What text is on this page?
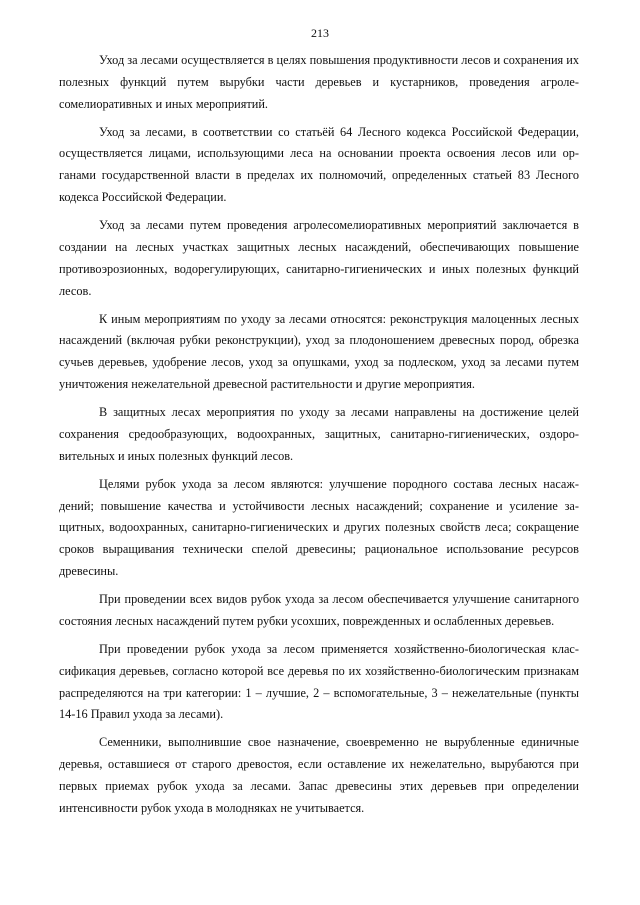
213

Уход за лесами осуществляется в целях повышения продуктивности лесов и сохранения их полезных функций путем вырубки части деревьев и кустарников, проведения агролесомелиоративных и иных мероприятий.

Уход за лесами, в соответствии со статьёй 64 Лесного кодекса Российской Федерации, осуществляется лицами, использующими леса на основании проекта освоения лесов или органами государственной власти в пределах их полномочий, определенных статьей 83 Лесного кодекса Российской Федерации.

Уход за лесами путем проведения агролесомелиоративных мероприятий заключается в создании на лесных участках защитных лесных насаждений, обеспечивающих повышение противоэрозионных, водорегулирующих, санитарно-гигиенических и иных полезных функций лесов.

К иным мероприятиям по уходу за лесами относятся: реконструкция малоценных лесных насаждений (включая рубки реконструкции), уход за плодоношением древесных пород, обрезка сучьев деревьев, удобрение лесов, уход за опушками, уход за подлеском, уход за лесами путем уничтожения нежелательной древесной растительности и другие мероприятия.

В защитных лесах мероприятия по уходу за лесами направлены на достижение целей сохранения средообразующих, водоохранных, защитных, санитарно-гигиенических, оздоровительных и иных полезных функций лесов.

Целями рубок ухода за лесом являются: улучшение породного состава лесных насаждений; повышение качества и устойчивости лесных насаждений; сохранение и усиление защитных, водоохранных, санитарно-гигиенических и других полезных свойств леса; сокращение сроков выращивания технически спелой древесины; рациональное использование ресурсов древесины.

При проведении всех видов рубок ухода за лесом обеспечивается улучшение санитарного состояния лесных насаждений путем рубки усохших, поврежденных и ослабленных деревьев.

При проведении рубок ухода за лесом применяется хозяйственно-биологическая классификация деревьев, согласно которой все деревья по их хозяйственно-биологическим признакам распределяются на три категории: 1 – лучшие, 2 – вспомогательные, 3 – нежелательные (пункты 14-16 Правил ухода за лесами).

Семенники, выполнившие свое назначение, своевременно не вырубленные единичные деревья, оставшиеся от старого древостоя, если оставление их нежелательно, вырубаются при первых приемах рубок ухода за лесами. Запас древесины этих деревьев при определении интенсивности рубок ухода в молодняках не учитывается.
